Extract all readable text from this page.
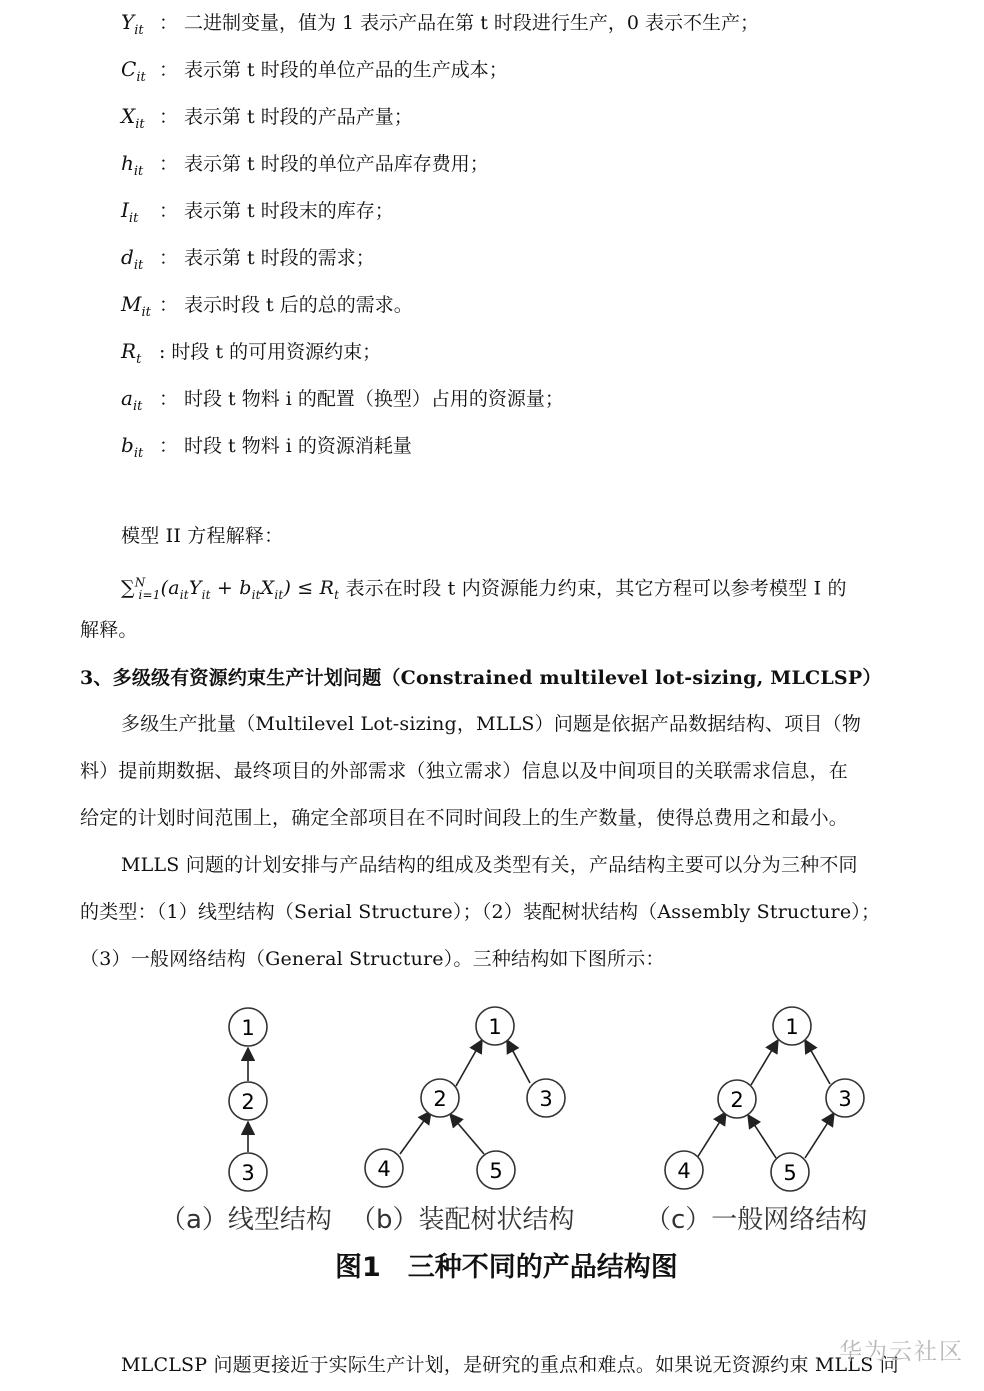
$Y_{it}$ ： 二进制变量，值为 1 表示产品在第 t 时段进行生产，0 表示不生产；
$C_{it}$ ： 表示第 t 时段的单位产品的生产成本；
$X_{it}$ ： 表示第 t 时段的产品产量；
$h_{it}$ ： 表示第 t 时段的单位产品库存费用；
$I_{it}$ ： 表示第 t 时段末的库存；
$d_{it}$ ： 表示第 t 时段的需求；
$M_{it}$ ： 表示时段 t 后的总的需求。
$R_t$ : 时段 t 的可用资源约束；
$a_{it}$ ： 时段 t 物料 i 的配置（换型）占用的资源量；
$b_{it}$ ： 时段 t 物料 i 的资源消耗量
模型 II 方程解释：
$\sum^N_{i=1}(a_{it}Y_{it} + b_{it}X_{it}) \le R_t$ 表示在时段 t 内资源能力约束，其它方程可以参考模型 I 的
解释。
3、多级级有资源约束生产计划问题（Constrained multilevel lot-sizing, MLCLSP）
多级生产批量（Multilevel Lot-sizing，MLLS）问题是依据产品数据结构、项目（物
料）提前期数据、最终项目的外部需求（独立需求）信息以及中间项目的关联需求信息，在
给定的计划时间范围上，确定全部项目在不同时间段上的生产数量，使得总费用之和最小。
MLLS 问题的计划安排与产品结构的组成及类型有关，产品结构主要可以分为三种不同
的类型：（1）线型结构（Serial Structure）；（2）装配树状结构（Assembly Structure）；
（3）一般网络结构（General Structure）。三种结构如下图所示：
1
2
3
1
2	3
4	5
1
2	3
4	5
（a）线型结构 （b）装配树状结构	（c）一般网络结构
图1　三种不同的产品结构图
MLCLSP 问题更接近于实际生产计划，是研究的重点和难点。如果说无资源约束 MLLS 问
华为云社区
